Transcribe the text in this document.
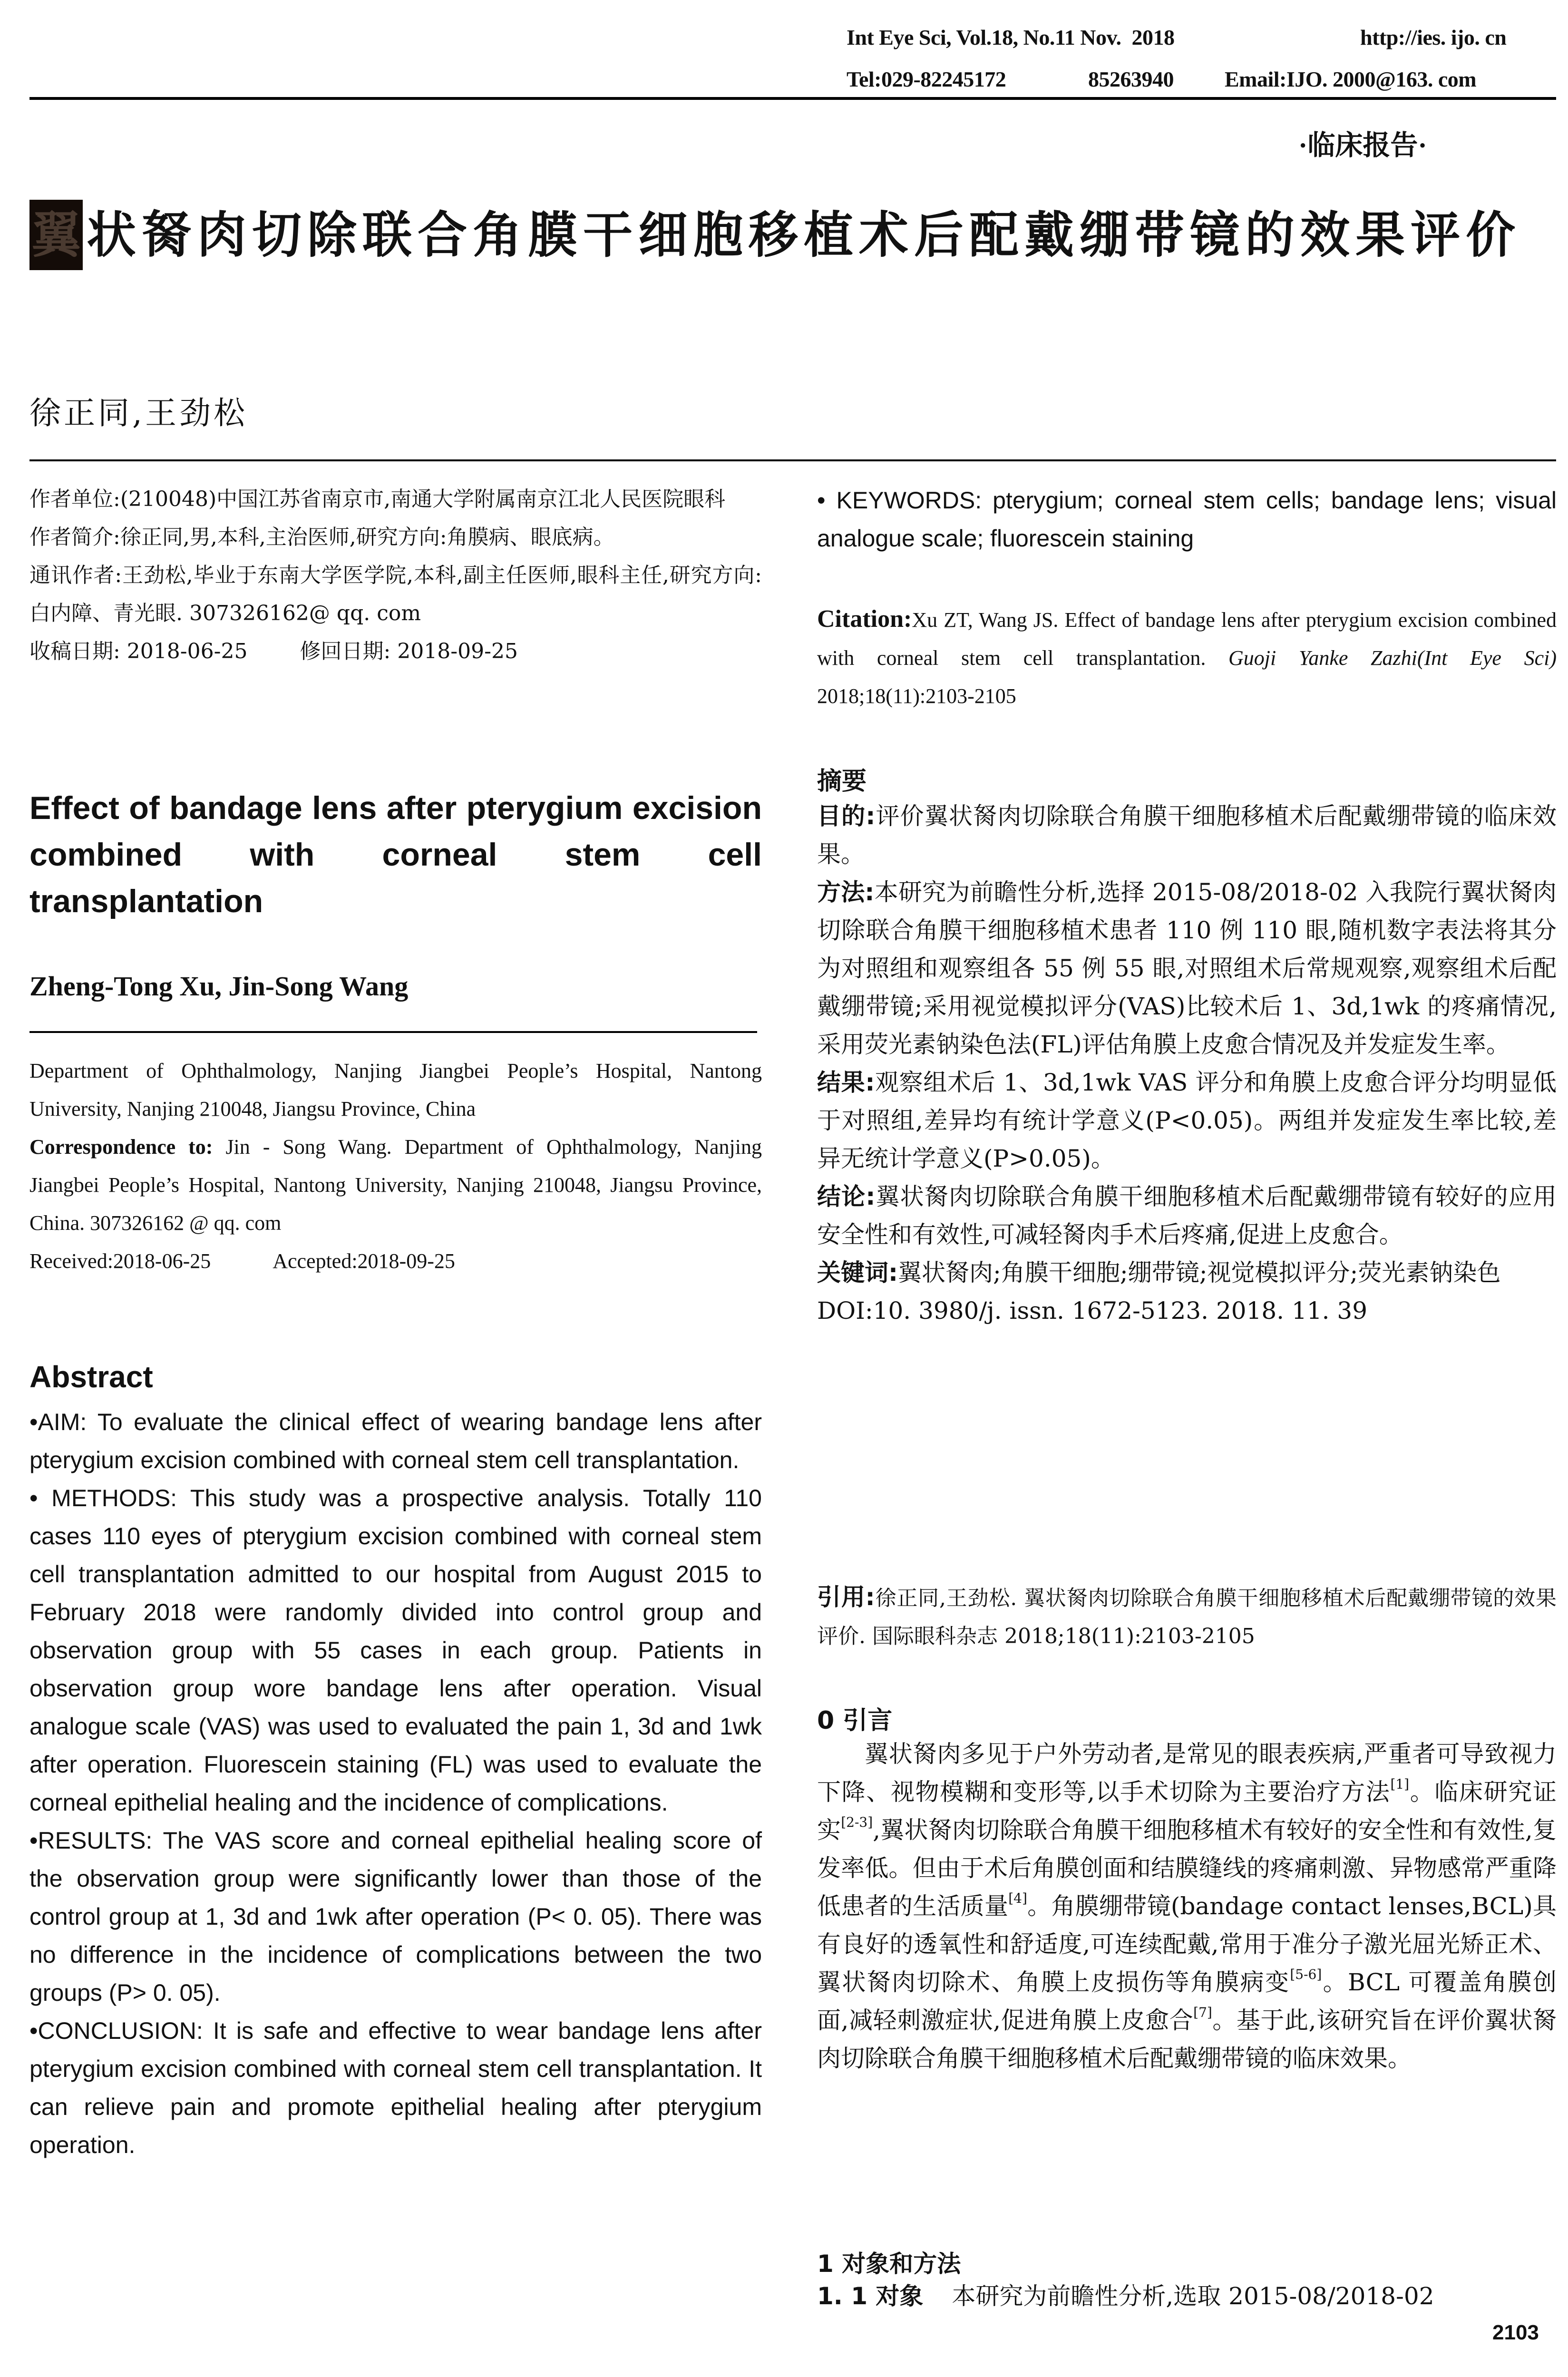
Int Eye Sci, Vol.18, No.11 Nov.  2018	http://ies. ijo. cn
Tel:029-82245172	85263940 Email:IJO. 2000@163. com
·临床报告·
翼 状胬肉切除联合角膜干细胞移植术后配戴绷带镜的效果评价
徐正同,王劲松
作者单位:(210048)中国江苏省南京市,南通大学附属南京江北人民医院眼科
作者简介:徐正同,男,本科,主治医师,研究方向:角膜病、眼底病。
通讯作者:王劲松,毕业于东南大学医学院,本科,副主任医师,眼科主任,研究方向:白内障、青光眼. 307326162@ qq. com
收稿日期: 2018-06-25	修回日期: 2018-09-25
Effect of bandage lens after pterygium excision combined with corneal stem cell transplantation
Zheng-Tong Xu, Jin-Song Wang
Department of Ophthalmology, Nanjing Jiangbei People’s Hospital, Nantong University, Nanjing 210048, Jiangsu Province, China
Correspondence to: Jin - Song Wang. Department of Ophthalmology, Nanjing Jiangbei People’s Hospital, Nantong University, Nanjing 210048, Jiangsu Province, China. 307326162 @ qq. com
Received:2018-06-25	Accepted:2018-09-25
Abstract

•AIM: To evaluate the clinical effect of wearing bandage lens after pterygium excision combined with corneal stem cell transplantation.

• METHODS: This study was a prospective analysis. Totally 110 cases 110 eyes of pterygium excision combined with corneal stem cell transplantation admitted to our hospital from August 2015 to February 2018 were randomly divided into control group and observation group with 55 cases in each group. Patients in observation group wore bandage lens after operation. Visual analogue scale (VAS) was used to evaluated the pain 1, 3d and 1wk after operation. Fluorescein staining (FL) was used to evaluate the corneal epithelial healing and the incidence of complications.

•RESULTS: The VAS score and corneal epithelial healing score of the observation group were significantly lower than those of the control group at 1, 3d and 1wk after operation (P< 0. 05). There was no difference in the incidence of complications between the two groups (P> 0. 05).

•CONCLUSION: It is safe and effective to wear bandage lens after pterygium excision combined with corneal stem cell transplantation. It can relieve pain and promote epithelial healing after pterygium operation.

• KEYWORDS: pterygium; corneal stem cells; bandage lens; visual analogue scale; fluorescein staining
Citation:Xu ZT, Wang JS. Effect of bandage lens after pterygium excision combined with corneal stem cell transplantation. Guoji Yanke Zazhi(Int Eye Sci) 2018;18(11):2103-2105
摘要

目的:评价翼状胬肉切除联合角膜干细胞移植术后配戴绷带镜的临床效果。

方法:本研究为前瞻性分析,选择 2015-08/2018-02 入我院行翼状胬肉切除联合角膜干细胞移植术患者 110 例 110 眼,随机数字表法将其分为对照组和观察组各 55 例 55 眼,对照组术后常规观察,观察组术后配戴绷带镜;采用视觉模拟评分(VAS)比较术后 1、3d,1wk 的疼痛情况,采用荧光素钠染色法(FL)评估角膜上皮愈合情况及并发症发生率。

结果:观察组术后 1、3d,1wk VAS 评分和角膜上皮愈合评分均明显低于对照组,差异均有统计学意义(P<0.05)。两组并发症发生率比较,差异无统计学意义(P>0.05)。

结论:翼状胬肉切除联合角膜干细胞移植术后配戴绷带镜有较好的应用安全性和有效性,可减轻胬肉手术后疼痛,促进上皮愈合。

关键词:翼状胬肉;角膜干细胞;绷带镜;视觉模拟评分;荧光素钠染色

DOI:10. 3980/j. issn. 1672-5123. 2018. 11. 39

引用:徐正同,王劲松. 翼状胬肉切除联合角膜干细胞移植术后配戴绷带镜的效果评价. 国际眼科杂志 2018;18(11):2103-2105
0 引言
翼状胬肉多见于户外劳动者,是常见的眼表疾病,严重者可导致视力下降、视物模糊和变形等,以手术切除为主要治疗方法[1]。临床研究证实[2-3],翼状胬肉切除联合角膜干细胞移植术有较好的安全性和有效性,复发率低。但由于术后角膜创面和结膜缝线的疼痛刺激、异物感常严重降低患者的生活质量[4]。角膜绷带镜(bandage contact lenses,BCL)具有良好的透氧性和舒适度,可连续配戴,常用于准分子激光屈光矫正术、翼状胬肉切除术、角膜上皮损伤等角膜病变[5-6]。BCL 可覆盖角膜创面,减轻刺激症状,促进角膜上皮愈合[7]。基于此,该研究旨在评价翼状胬肉切除联合角膜干细胞移植术后配戴绷带镜的临床效果。
1 对象和方法
1. 1 对象 本研究为前瞻性分析,选取 2015-08/2018-02
2103
